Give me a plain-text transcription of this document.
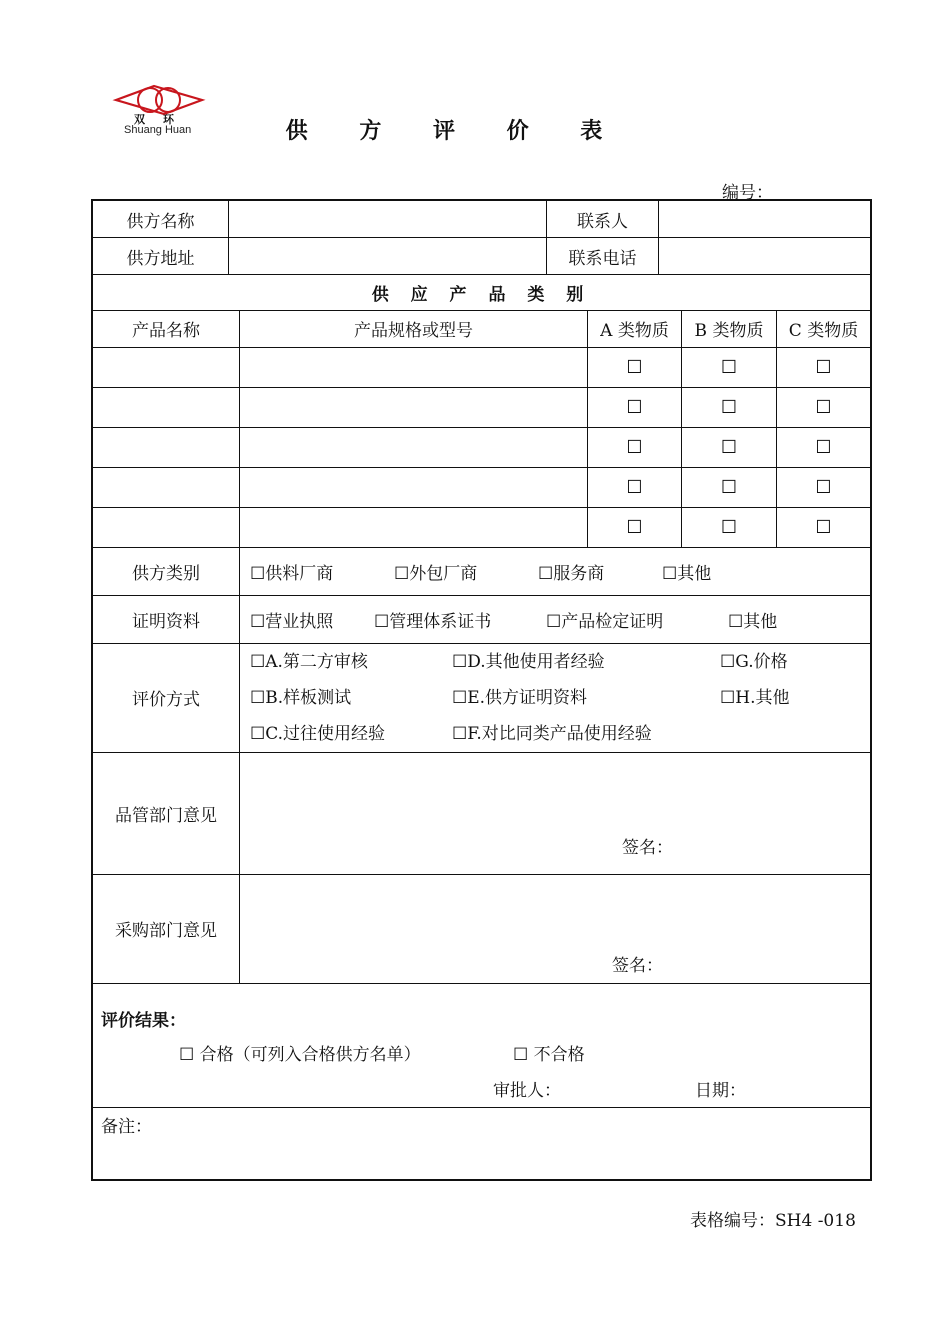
双环
Shuang Huan	供 方 评 价 表
编号：
供方名称		联系人	
供方地址		联系电话	
供 应 产 品 类 别			
产品名称	产品规格或型号	A 类物质	B 类物质	C 类物质
		☐	☐	☐
		☐	☐	☐
		☐	☐	☐
		☐	☐	☐
		☐	☐	☐
供方类别	☐供料厂商 ☐外包厂商 ☐服务商 ☐其他			
证明资料	☐营业执照 ☐管理体系证书 ☐产品检定证明 ☐其他			
评价方式	☐A.第二方审核 ☐D.其他使用者经验 ☐G.价格
☐B.样板测试 ☐E.供方证明资料 ☐H.其他
☐C.过往使用经验 ☐F.对比同类产品使用经验			

品管部门意见	签名：			

采购部门意见	签名：			

评价结果：
☐ 合格（可列入合格供方名单） ☐ 不合格
审批人： 日期：				

备注：				
表格编号：SH4 -018
